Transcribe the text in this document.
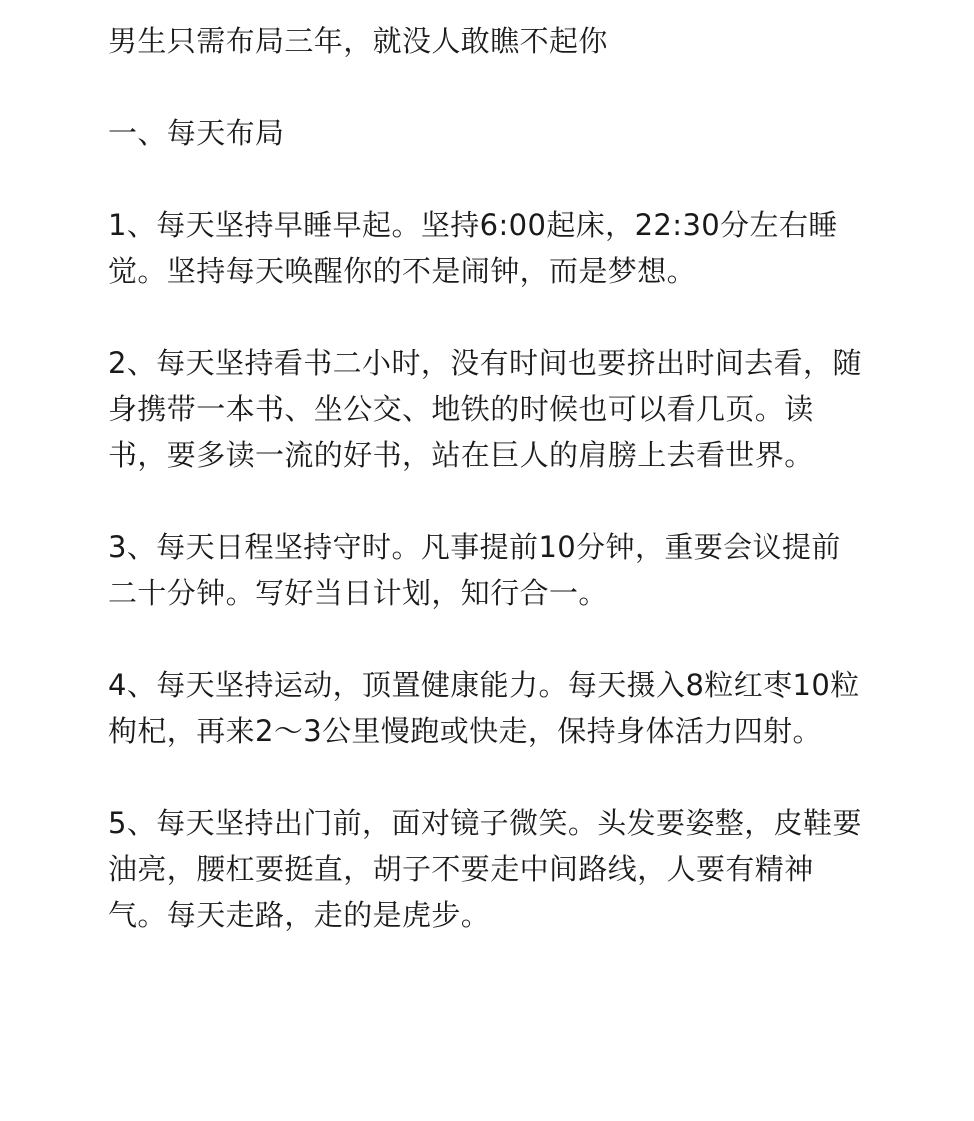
男生只需布局三年，就没人敢瞧不起你

一、每天布局

1、每天坚持早睡早起。坚持6:00起床，22:30分左右睡觉。坚持每天唤醒你的不是闹钟，而是梦想。

2、每天坚持看书二小时，没有时间也要挤出时间去看，随身携带一本书、坐公交、地铁的时候也可以看几页。读书，要多读一流的好书，站在巨人的肩膀上去看世界。

3、每天日程坚持守时。凡事提前10分钟，重要会议提前二十分钟。写好当日计划，知行合一。

4、每天坚持运动，顶置健康能力。每天摄入8粒红枣10粒枸杞，再来2～3公里慢跑或快走，保持身体活力四射。

5、每天坚持出门前，面对镜子微笑。头发要姿整，皮鞋要油亮，腰杠要挺直，胡子不要走中间路线，人要有精神气。每天走路，走的是虎步。
